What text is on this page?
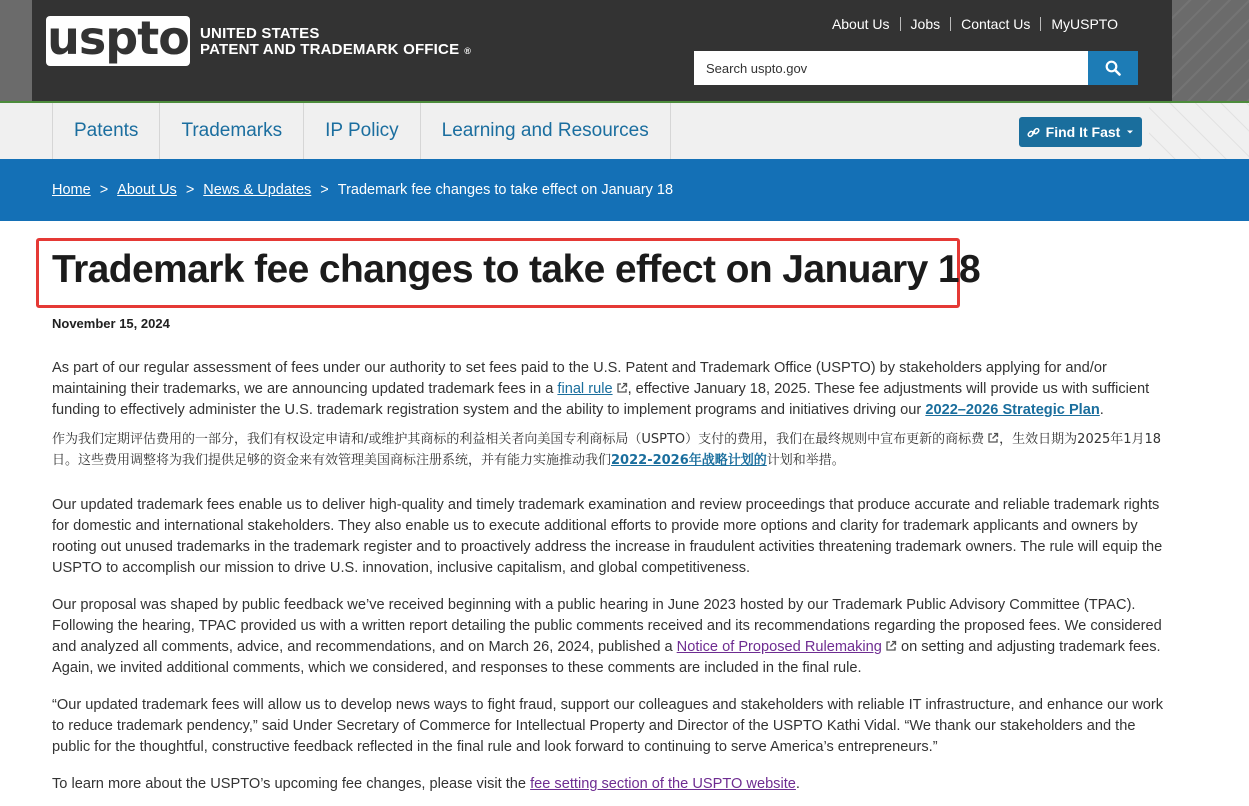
uspto UNITED STATES
PATENT AND TRADEMARK OFFICE ®
About Us	Jobs	Contact Us	MyUSPTO
Search uspto.gov
Patents	Trademarks	IP Policy	Learning and Resources	Find It Fast
Home > About Us > News & Updates > Trademark fee changes to take effect on January 18
Trademark fee changes to take effect on January 18
November 15, 2024

As part of our regular assessment of fees under our authority to set fees paid to the U.S. Patent and Trademark Office (USPTO) by stakeholders applying for and/or maintaining their trademarks, we are announcing updated trademark fees in a final rule , effective January 18, 2025. These fee adjustments will provide us with sufficient funding to effectively administer the U.S. trademark registration system and the ability to implement programs and initiatives driving our 2022–2026 Strategic Plan.

作为我们定期评估费用的一部分，我们有权设定申请和/或维护其商标的利益相关者向美国专利商标局（USPTO）支付的费用，我们在最终规则中宣布更新的商标费 ，生效日期为2025年1月18日。这些费用调整将为我们提供足够的资金来有效管理美国商标注册系统，并有能力实施推动我们2022-2026年战略计划的计划和举措。

Our updated trademark fees enable us to deliver high-quality and timely trademark examination and review proceedings that produce accurate and reliable trademark rights for domestic and international stakeholders. They also enable us to execute additional efforts to provide more options and clarity for trademark applicants and owners by rooting out unused trademarks in the trademark register and to proactively address the increase in fraudulent activities threatening trademark owners. The rule will equip the USPTO to accomplish our mission to drive U.S. innovation, inclusive capitalism, and global competitiveness.

Our proposal was shaped by public feedback we’ve received beginning with a public hearing in June 2023 hosted by our Trademark Public Advisory Committee (TPAC). Following the hearing, TPAC provided us with a written report detailing the public comments received and its recommendations regarding the proposed fees. We considered and analyzed all comments, advice, and recommendations, and on March 26, 2024, published a Notice of Proposed Rulemaking on setting and adjusting trademark fees. Again, we invited additional comments, which we considered, and responses to these comments are included in the final rule.

“Our updated trademark fees will allow us to develop news ways to fight fraud, support our colleagues and stakeholders with reliable IT infrastructure, and enhance our work to reduce trademark pendency,” said Under Secretary of Commerce for Intellectual Property and Director of the USPTO Kathi Vidal. “We thank our stakeholders and the public for the thoughtful, constructive feedback reflected in the final rule and look forward to continuing to serve America’s entrepreneurs.”

To learn more about the USPTO’s upcoming fee changes, please visit the fee setting section of the USPTO website.
